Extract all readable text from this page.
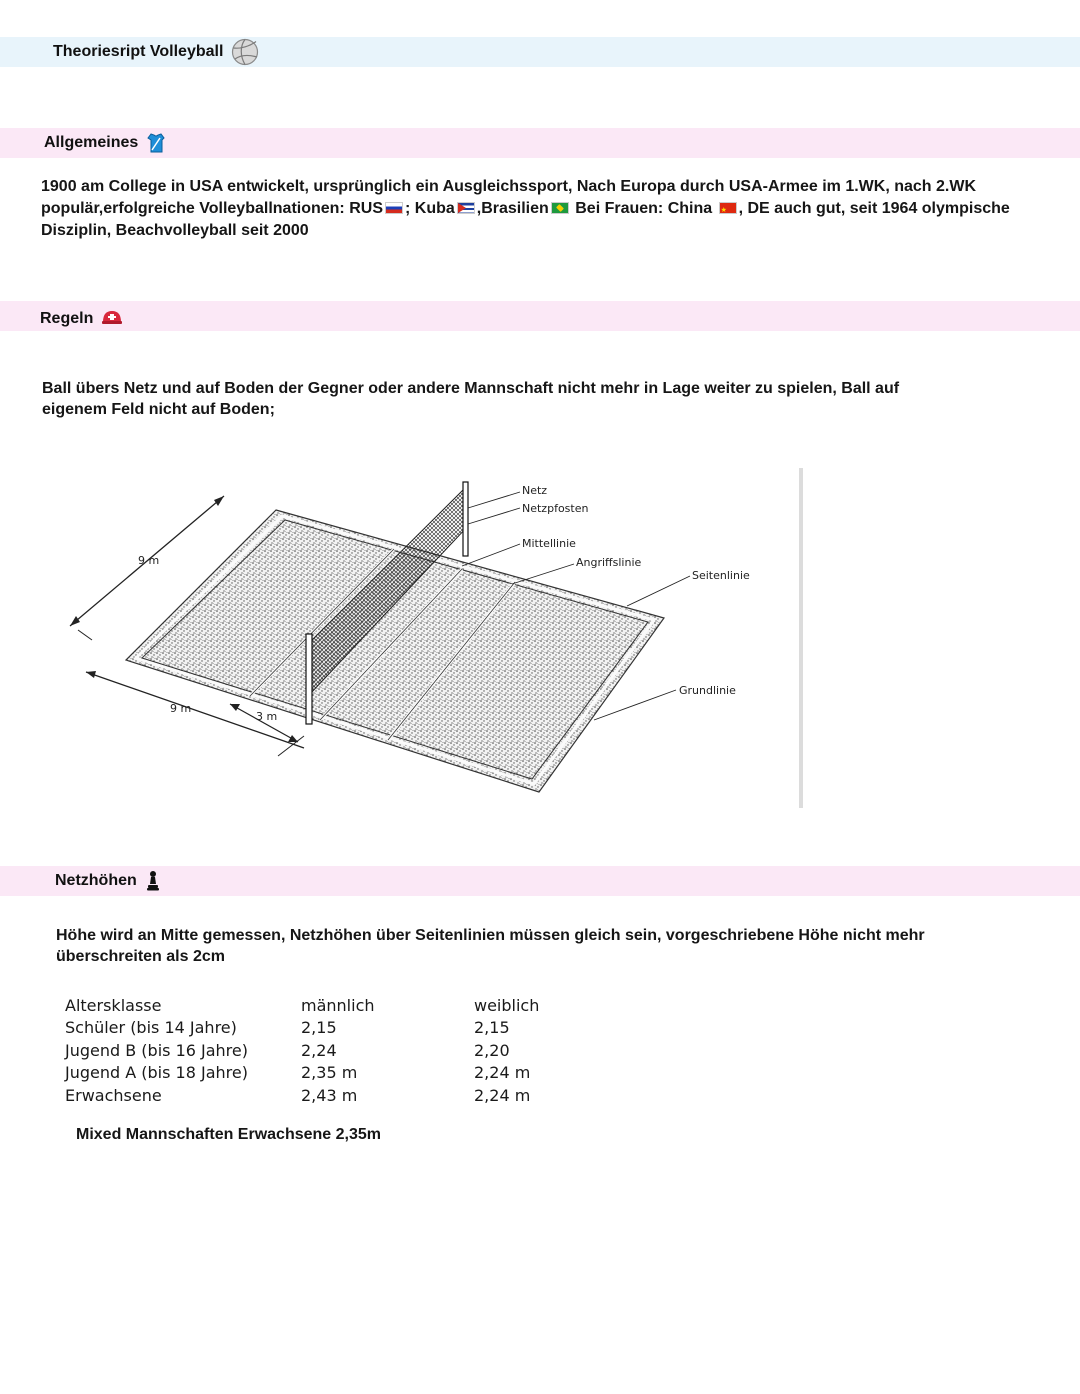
Theoriesript Volleyball
Allgemeines
1900 am College in USA entwickelt, ursprünglich ein Ausgleichssport, Nach Europa durch USA-Armee im 1.WK, nach 2.WK
populär,erfolgreiche Volleyballnationen: RUS ; Kuba ,Brasilien Bei Frauen: China ★ , DE auch gut, seit 1964 olympische
Disziplin, Beachvolleyball seit 2000
Regeln
Ball übers Netz und auf Boden der Gegner oder andere Mannschaft nicht mehr in Lage weiter zu spielen, Ball auf
eigenem Feld nicht auf Boden;
9 m
9 m
3 m
Netz
Netzpfosten
Mittellinie
Angriffslinie
Seitenlinie
Grundlinie
Netzhöhen
Höhe wird an Mitte gemessen, Netzhöhen über Seitenlinien müssen gleich sein, vorgeschriebene Höhe nicht mehr
überschreiten als 2cm
Altersklasse	männlich	weiblich
Schüler (bis 14 Jahre)	2,15	2,15
Jugend B (bis 16 Jahre)	2,24	2,20
Jugend A (bis 18 Jahre)	2,35 m	2,24 m
Erwachsene	2,43 m	2,24 m
Mixed Mannschaften Erwachsene 2,35m
